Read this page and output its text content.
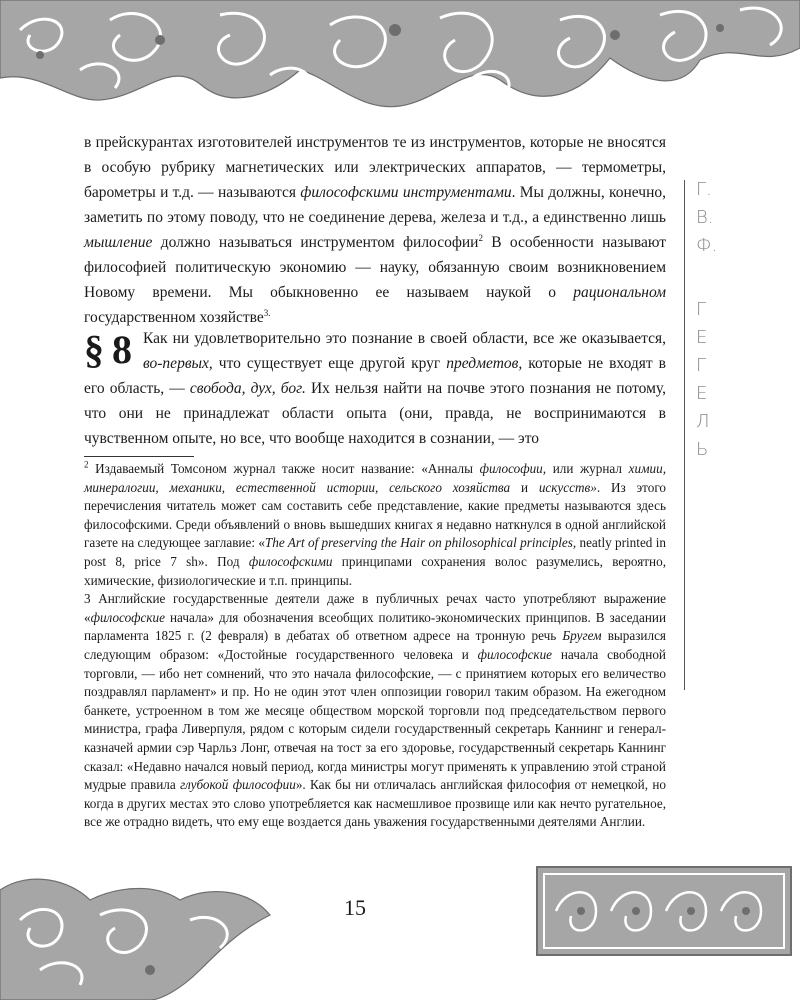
в прейскурантах изготовителей инструментов те из инструментов, которые не вносятся в особую рубрику магнетических или электрических аппаратов, — термометры, барометры и т.д. — называются философскими инструментами. Мы должны, конечно, заметить по этому поводу, что не соединение дерева, железа и т.д., а единственно лишь мышление должно называться инструментом философии$^2$ В особенности называют философией политическую экономию — науку, обязанную своим возникновением Новому времени. Мы обыкновенно ее называем наукой о рациональном государственном хозяйстве$^{3.}$

§ 8 Как ни удовлетворительно это познание в своей области, все же оказывается, во-первых, что существует еще другой круг предметов, которые не входят в его область, — свобода, дух, бог. Их нельзя найти на почве этого познания не потому, что они не принадлежат области опыта (они, правда, не воспринимаются в чувственном опыте, но все, что вообще находится в сознании, — это

$^2$ Издаваемый Томсоном журнал также носит название: «Анналы философии, или журнал химии, минералогии, механики, естественной истории, сельского хозяйства и искусств». Из этого перечисления читатель может сам составить себе представление, какие предметы называются здесь философскими. Среди объявлений о вновь вышедших книгах я недавно наткнулся в одной английской газете на следующее заглавие: «The Art of preserving the Hair on philosophical principles, neatly printed in post 8, price 7 sh». Под философскими принципами сохранения волос разумелись, вероятно, химические, физиологические и т.п. принципы.

3 Английские государственные деятели даже в публичных речах часто употребляют выражение «философские начала» для обозначения всеобщих политико-экономических принципов. В заседании парламента 1825 г. (2 февраля) в дебатах об ответном адресе на тронную речь Бругем выразился следующим образом: «Достойные государственного человека и философские начала свободной торговли, — ибо нет сомнений, что это начала философские, — с принятием которых его величество поздравлял парламент» и пр. Но не один этот член оппозиции говорил таким образом. На ежегодном банкете, устроенном в том же месяце обществом морской торговли под председательством первого министра, графа Ливерпуля, рядом с которым сидели государственный секретарь Каннинг и генерал-казначей армии сэр Чарльз Лонг, отвечая на тост за его здоровье, государственный секретарь Каннинг сказал: «Недавно начался новый период, когда министры могут применять к управлению этой страной мудрые правила глубокой философии». Как бы ни отличалась английская философия от немецкой, но когда в других местах это слово употребляется как насмешливое прозвище или как нечто ругательное, все же отрадно видеть, что ему еще воздается дань уважения государственными деятелями Англии.

Г.
В.
Ф.
Г
Е
Г
Е
Л
Ь
15
